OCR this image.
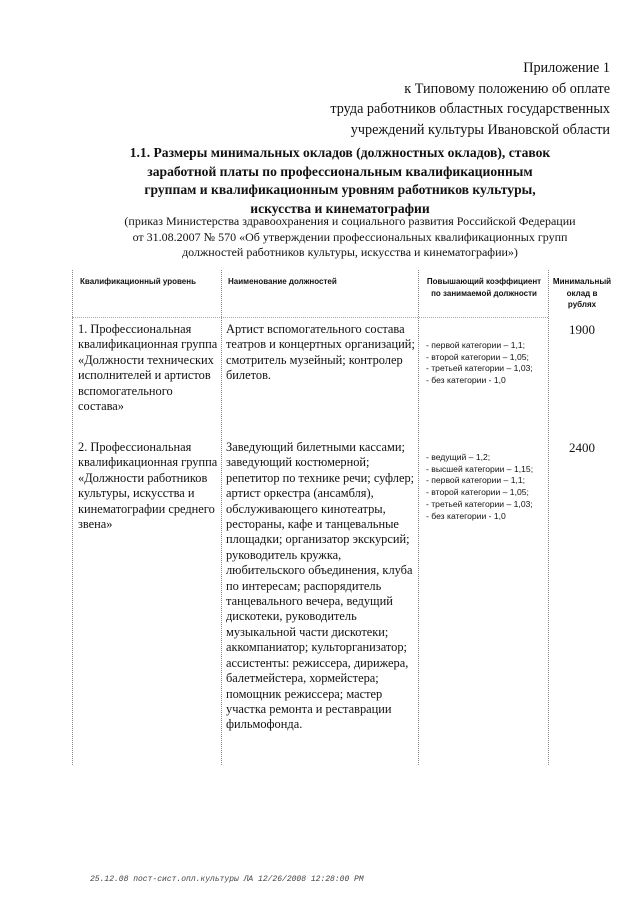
Приложение 1
к Типовому положению об оплате
труда работников областных государственных
учреждений культуры Ивановской области
1.1. Размеры минимальных окладов (должностных окладов), ставок
заработной платы по профессиональным квалификационным
группам и квалификационным уровням работников культуры,
искусства и кинематографии
(приказ Министерства здравоохранения и социального развития Российской Федерации
от 31.08.2007 № 570 «Об утверждении профессиональных квалификационных групп
должностей работников культуры, искусства и кинематографии»)
Квалификационный уровень	Наименование должностей	Повышающий коэффициент по занимаемой должности
Минимальный оклад в рублях
1. Профессиональная квалификационная группа «Должности технических исполнителей и артистов вспомогательного состава»
Артист вспомогательного состава театров и концертных организаций; смотритель музейный; контролер билетов.
- первой категории – 1,1;
- второй категории – 1,05;
- третьей категории – 1,03;
- без категории - 1,0
1900
2. Профессиональная квалификационная группа «Должности работников культуры, искусства и кинематографии среднего звена»
Заведующий билетными кассами; заведующий костюмерной; репетитор по технике речи; суфлер; артист оркестра (ансамбля), обслуживающего кинотеатры, рестораны, кафе и танцевальные площадки; организатор экскурсий; руководитель кружка, любительского объединения, клуба по интересам; распорядитель танцевального вечера, ведущий дискотеки, руководитель музыкальной части дискотеки; аккомпаниатор; культорганизатор; ассистенты: режиссера, дирижера, балетмейстера, хормейстера; помощник режиссера; мастер участка ремонта и реставрации фильмофонда.
- ведущий – 1,2;
- высшей категории – 1,15;
- первой категории – 1,1;
- второй категории – 1,05;
- третьей категории – 1,03;
- без категории - 1,0
2400
25.12.08 пост-сист.опл.культуры ЛА 12/26/2008 12:28:00 PM
